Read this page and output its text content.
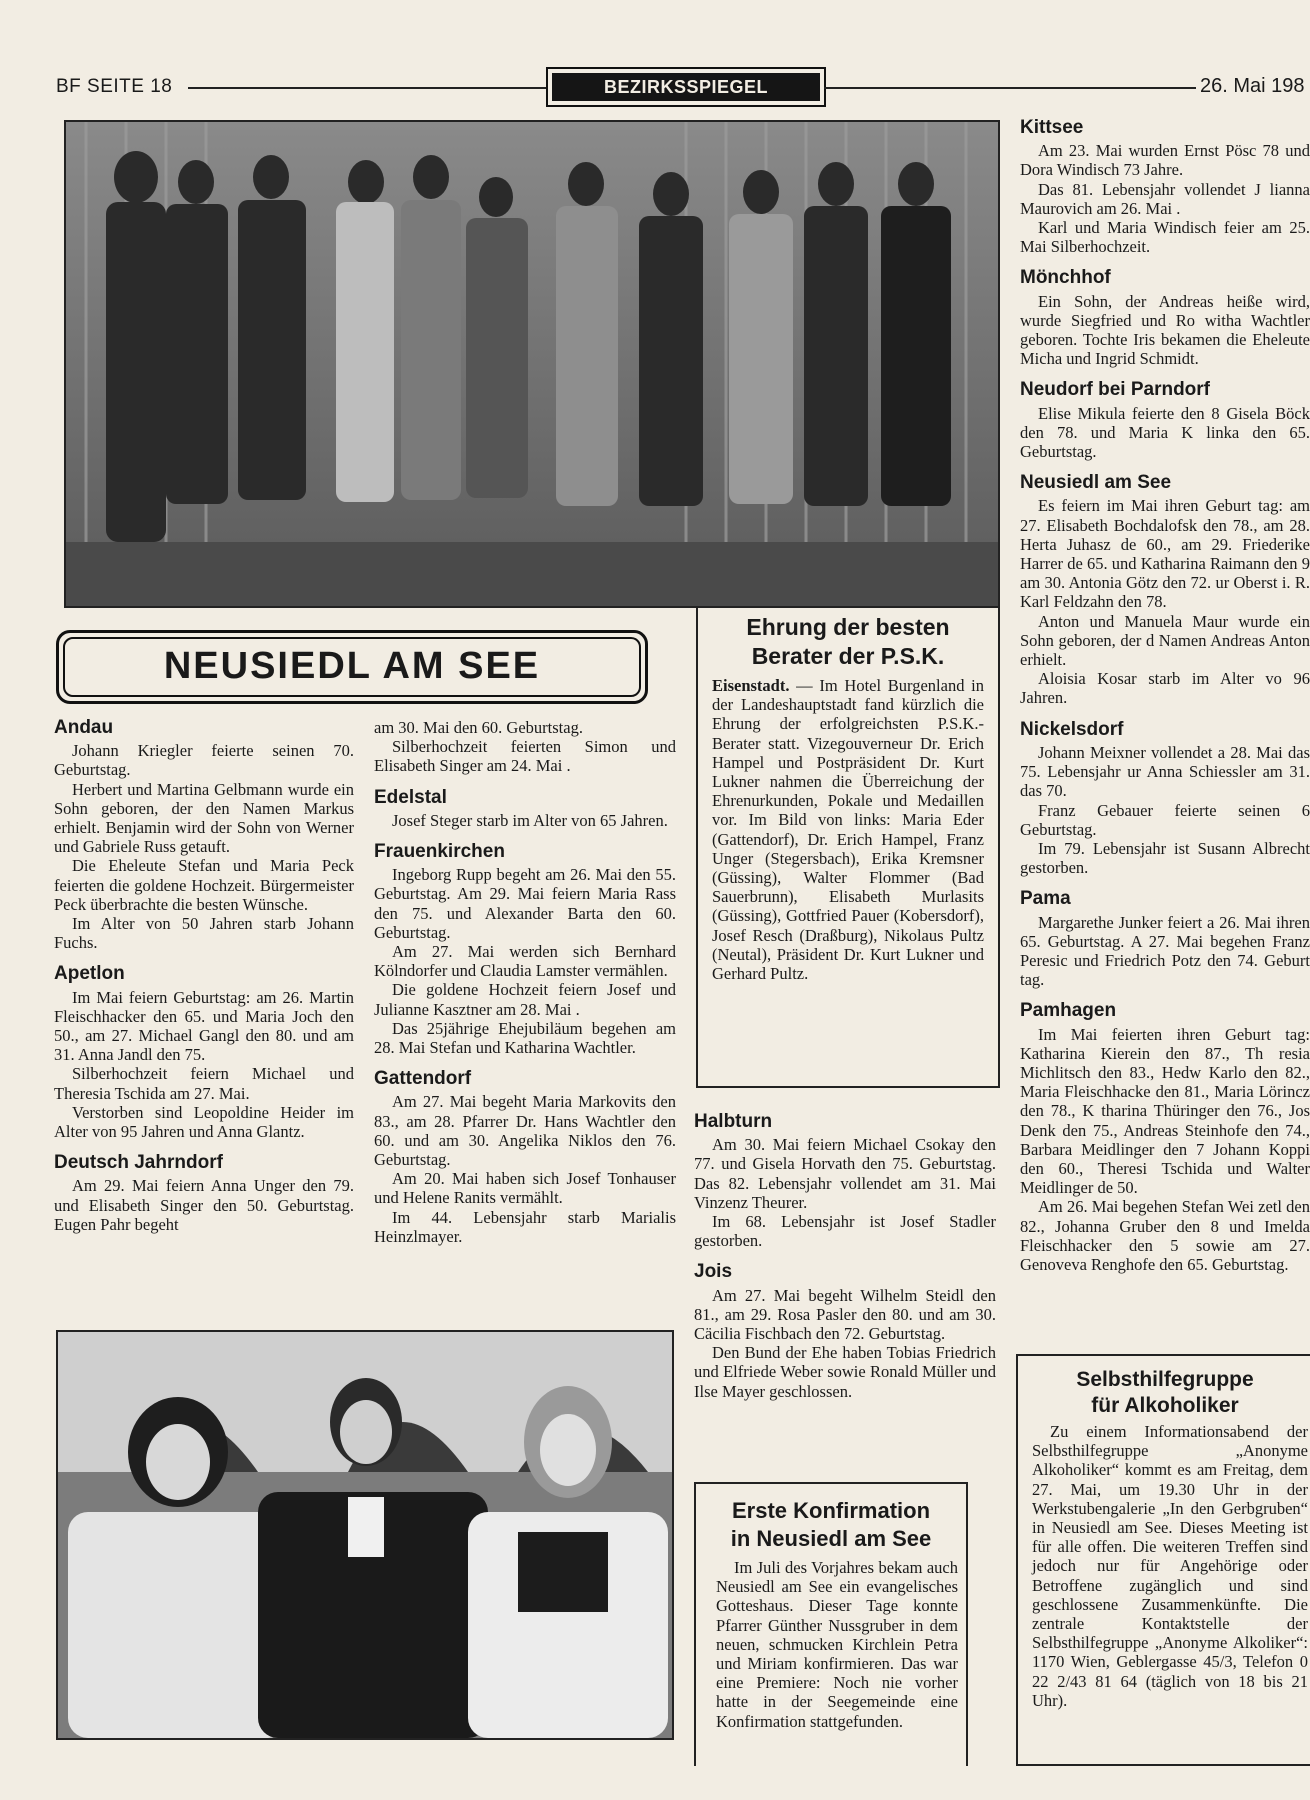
BF SEITE 18	BEZIRKSSPIEGEL	26. Mai 198
NEUSIEDL AM SEE
Andau

Johann Kriegler feierte seinen 70. Geburtstag.

Herbert und Martina Gelbmann wurde ein Sohn geboren, der den Namen Markus erhielt. Benjamin wird der Sohn von Werner und Gabriele Russ getauft.

Die Eheleute Stefan und Maria Peck feierten die goldene Hochzeit. Bürgermeister Peck überbrachte die besten Wünsche.

Im Alter von 50 Jahren starb Johann Fuchs.

Apetlon

Im Mai feiern Geburtstag: am 26. Martin Fleischhacker den 65. und Maria Joch den 50., am 27. Michael Gangl den 80. und am 31. Anna Jandl den 75.

Silberhochzeit feiern Michael und Theresia Tschida am 27. Mai.

Verstorben sind Leopoldine Heider im Alter von 95 Jahren und Anna Glantz.

Deutsch Jahrndorf

Am 29. Mai feiern Anna Unger den 79. und Elisabeth Singer den 50. Geburtstag. Eugen Pahr begeht

am 30. Mai den 60. Geburtstag.

Silberhochzeit feierten Simon und Elisabeth Singer am 24. Mai .

Edelstal

Josef Steger starb im Alter von 65 Jahren.

Frauenkirchen

Ingeborg Rupp begeht am 26. Mai den 55. Geburtstag. Am 29. Mai feiern Maria Rass den 75. und Alexander Barta den 60. Geburtstag.

Am 27. Mai werden sich Bernhard Kölndorfer und Claudia Lamster vermählen.

Die goldene Hochzeit feiern Josef und Julianne Kasztner am 28. Mai .

Das 25jährige Ehejubiläum begehen am 28. Mai Stefan und Katharina Wachtler.

Gattendorf

Am 27. Mai begeht Maria Markovits den 83., am 28. Pfarrer Dr. Hans Wachtler den 60. und am 30. Angelika Niklos den 76. Geburtstag.

Am 20. Mai haben sich Josef Tonhauser und Helene Ranits vermählt.

Im 44. Lebensjahr starb Marialis Heinzlmayer.

Ehrung der besten
Berater der P.S.K.
Eisenstadt. — Im Hotel Burgenland in der Landeshauptstadt fand kürzlich die Ehrung der erfolgreichsten P.S.K.-Berater statt. Vizegouverneur Dr. Erich Hampel und Postpräsident Dr. Kurt Lukner nahmen die Überreichung der Ehrenurkunden, Pokale und Medaillen vor. Im Bild von links: Maria Eder (Gattendorf), Dr. Erich Hampel, Franz Unger (Stegersbach), Erika Kremsner (Güssing), Walter Flommer (Bad Sauerbrunn), Elisabeth Murlasits (Güssing), Gottfried Pauer (Kobersdorf), Josef Resch (Draßburg), Nikolaus Pultz (Neutal), Präsident Dr. Kurt Lukner und Gerhard Pultz.
Halbturn

Am 30. Mai feiern Michael Csokay den 77. und Gisela Horvath den 75. Geburtstag. Das 82. Lebensjahr vollendet am 31. Mai Vinzenz Theurer.

Im 68. Lebensjahr ist Josef Stadler gestorben.

Jois

Am 27. Mai begeht Wilhelm Steidl den 81., am 29. Rosa Pasler den 80. und am 30. Cäcilia Fischbach den 72. Geburtstag.

Den Bund der Ehe haben Tobias Friedrich und Elfriede Weber sowie Ronald Müller und Ilse Mayer geschlossen.

Erste Konfirmation
in Neusiedl am See
Im Juli des Vorjahres bekam auch Neusiedl am See ein evangelisches Gotteshaus. Dieser Tage konnte Pfarrer Günther Nussgruber in dem neuen, schmucken Kirchlein Petra und Miriam konfirmieren. Das war eine Premiere: Noch nie vorher hatte in der Seegemeinde eine Konfirmation stattgefunden.
Kittsee

Am 23. Mai wurden Ernst Pösc 78 und Dora Windisch 73 Jahre.

Das 81. Lebensjahr vollendet J lianna Maurovich am 26. Mai .

Karl und Maria Windisch feier am 25. Mai Silberhochzeit.

Mönchhof

Ein Sohn, der Andreas heiße wird, wurde Siegfried und Ro witha Wachtler geboren. Tochte Iris bekamen die Eheleute Micha und Ingrid Schmidt.

Neudorf bei Parndorf

Elise Mikula feierte den 8 Gisela Böck den 78. und Maria K linka den 65. Geburtstag.

Neusiedl am See

Es feiern im Mai ihren Geburt tag: am 27. Elisabeth Bochdalofsk den 78., am 28. Herta Juhasz de 60., am 29. Friederike Harrer de 65. und Katharina Raimann den 9 am 30. Antonia Götz den 72. ur Oberst i. R. Karl Feldzahn den 78.

Anton und Manuela Maur wurde ein Sohn geboren, der d Namen Andreas Anton erhielt.

Aloisia Kosar starb im Alter vo 96 Jahren.

Nickelsdorf

Johann Meixner vollendet a 28. Mai das 75. Lebensjahr ur Anna Schiessler am 31. das 70.

Franz Gebauer feierte seinen 6 Geburtstag.

Im 79. Lebensjahr ist Susann Albrecht gestorben.

Pama

Margarethe Junker feiert a 26. Mai ihren 65. Geburtstag. A 27. Mai begehen Franz Peresic und Friedrich Potz den 74. Geburt tag.

Pamhagen

Im Mai feierten ihren Geburt tag: Katharina Kierein den 87., Th resia Michlitsch den 83., Hedw Karlo den 82., Maria Fleischhacke den 81., Maria Lörincz den 78., K tharina Thüringer den 76., Jos Denk den 75., Andreas Steinhofe den 74., Barbara Meidlinger den 7 Johann Koppi den 60., Theresi Tschida und Walter Meidlinger de 50.

Am 26. Mai begehen Stefan Wei zetl den 82., Johanna Gruber den 8 und Imelda Fleischhacker den 5 sowie am 27. Genoveva Renghofe den 65. Geburtstag.

Selbsthilfegruppe
für Alkoholiker
Zu einem Informationsabend der Selbsthilfegruppe „Anonyme Alkoholiker“ kommt es am Freitag, dem 27. Mai, um 19.30 Uhr in der Werkstubengalerie „In den Gerbgruben“ in Neusiedl am See. Dieses Meeting ist für alle offen. Die weiteren Treffen sind jedoch nur für Angehörige oder Betroffene zugänglich und sind geschlossene Zusammenkünfte. Die zentrale Kontaktstelle der Selbsthilfegruppe „Anonyme Alkoliker“: 1170 Wien, Geblergasse 45/3, Telefon 0 22 2/43 81 64 (täglich von 18 bis 21 Uhr).
